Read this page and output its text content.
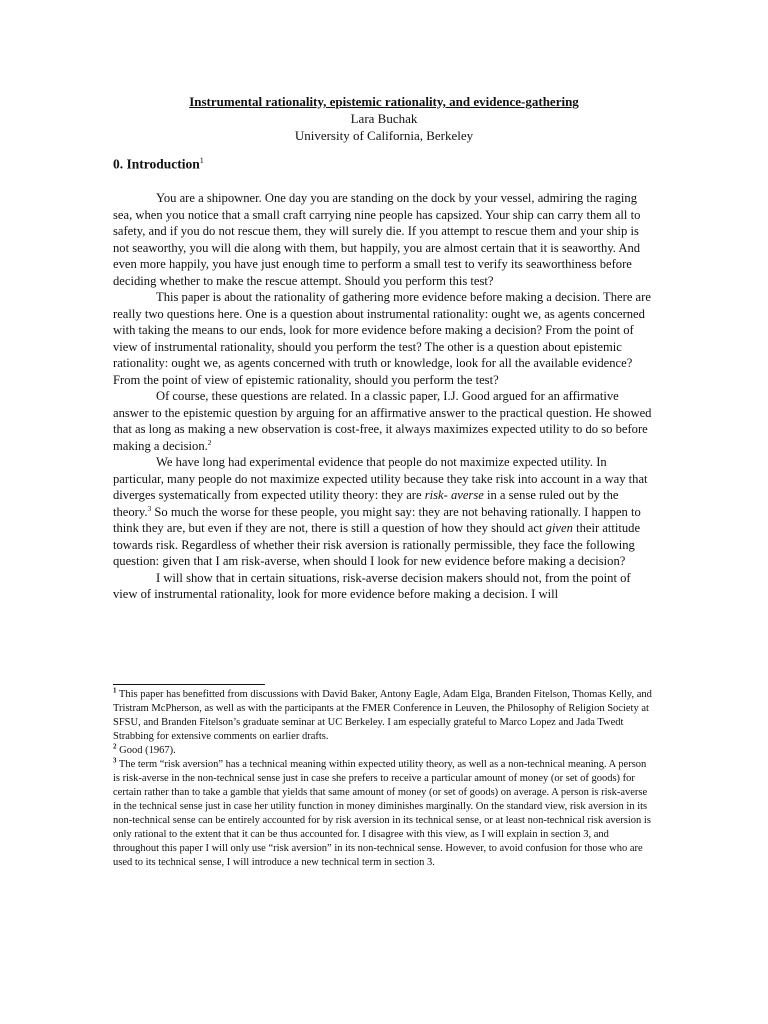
Instrumental rationality, epistemic rationality, and evidence-gathering
Lara Buchak
University of California, Berkeley
0. Introduction$^1$

You are a shipowner. One day you are standing on the dock by your vessel, admiring the raging sea, when you notice that a small craft carrying nine people has capsized. Your ship can carry them all to safety, and if you do not rescue them, they will surely die. If you attempt to rescue them and your ship is not seaworthy, you will die along with them, but happily, you are almost certain that it is seaworthy. And even more happily, you have just enough time to perform a small test to verify its seaworthiness before deciding whether to make the rescue attempt. Should you perform this test?

This paper is about the rationality of gathering more evidence before making a decision. There are really two questions here. One is a question about instrumental rationality: ought we, as agents concerned with taking the means to our ends, look for more evidence before making a decision? From the point of view of instrumental rationality, should you perform the test? The other is a question about epistemic rationality: ought we, as agents concerned with truth or knowledge, look for all the available evidence? From the point of view of epistemic rationality, should you perform the test?

Of course, these questions are related. In a classic paper, I.J. Good argued for an affirmative answer to the epistemic question by arguing for an affirmative answer to the practical question. He showed that as long as making a new observation is cost-free, it always maximizes expected utility to do so before making a decision.$^2$

We have long had experimental evidence that people do not maximize expected utility. In particular, many people do not maximize expected utility because they take risk into account in a way that diverges systematically from expected utility theory: they are risk- averse in a sense ruled out by the theory.$^3$ So much the worse for these people, you might say: they are not behaving rationally. I happen to think they are, but even if they are not, there is still a question of how they should act given their attitude towards risk. Regardless of whether their risk aversion is rationally permissible, they face the following question: given that I am risk-averse, when should I look for new evidence before making a decision?

I will show that in certain situations, risk-averse decision makers should not, from the point of view of instrumental rationality, look for more evidence before making a decision. I will

$^1$ This paper has benefitted from discussions with David Baker, Antony Eagle, Adam Elga, Branden Fitelson, Thomas Kelly, and Tristram McPherson, as well as with the participants at the FMER Conference in Leuven, the Philosophy of Religion Society at SFSU, and Branden Fitelson’s graduate seminar at UC Berkeley. I am especially grateful to Marco Lopez and Jada Twedt Strabbing for extensive comments on earlier drafts.

$^2$ Good (1967).

$^3$ The term “risk aversion” has a technical meaning within expected utility theory, as well as a non-technical meaning. A person is risk-averse in the non-technical sense just in case she prefers to receive a particular amount of money (or set of goods) for certain rather than to take a gamble that yields that same amount of money (or set of goods) on average. A person is risk-averse in the technical sense just in case her utility function in money diminishes marginally. On the standard view, risk aversion in its non-technical sense can be entirely accounted for by risk aversion in its technical sense, or at least non-technical risk aversion is only rational to the extent that it can be thus accounted for. I disagree with this view, as I will explain in section 3, and throughout this paper I will only use “risk aversion” in its non-technical sense. However, to avoid confusion for those who are used to its technical sense, I will introduce a new technical term in section 3.
